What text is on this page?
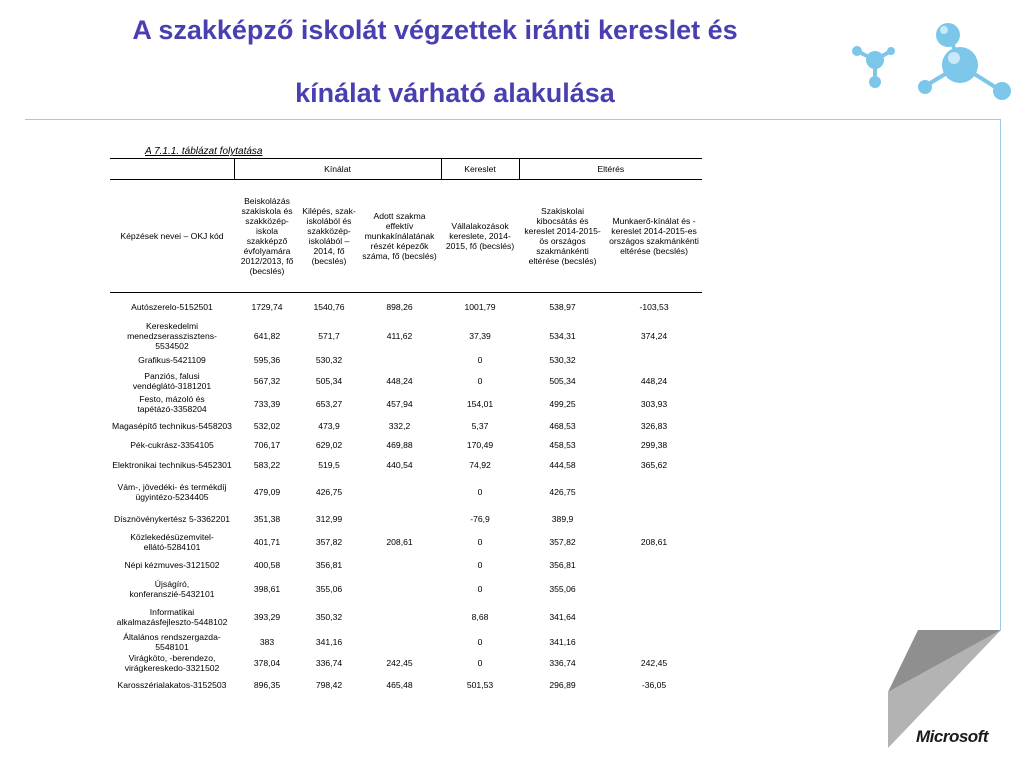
A szakképző iskolát végzettek iránti kereslet és
kínálat várható alakulása
Microsoft
A 7.1.1. táblázat folytatása
	Kínálat			Kereslet	Eltérés	
Képzések nevei – OKJ kód	Beiskolázás szakiskola és szakközép-iskola szakképző évfolyamára 2012/2013, fő (becslés)	Kilépés, szak-iskolából és szakközép-iskolából – 2014, fő (becslés)	Adott szakma effektív munkakínálatának részét képezők száma, fő (becslés)	Vállalakozások kereslete, 2014-2015, fő (becslés)	Szakiskolai kibocsátás és kereslet 2014-2015-ös országos szakmánkénti eltérése (becslés)	Munkaerő-kínálat és -kereslet 2014-2015-es országos szakmánkénti eltérése (becslés)
Autószerelo-5152501	1729,74	1540,76	898,26	1001,79	538,97	-103,53
Kereskedelmi menedzserasszisztens-5534502	641,82	571,7	411,62	37,39	534,31	374,24
Grafikus-5421109	595,36	530,32		0	530,32	
Panziós, falusi vendéglátó-3181201	567,32	505,34	448,24	0	505,34	448,24
Festo, mázoló és tapétázó-3358204	733,39	653,27	457,94	154,01	499,25	303,93
Magasépítő technikus-5458203	532,02	473,9	332,2	5,37	468,53	326,83
Pék-cukrász-3354105	706,17	629,02	469,88	170,49	458,53	299,38
Elektronikai technikus-5452301	583,22	519,5	440,54	74,92	444,58	365,62
Vám-, jövedéki- és termékdíj ügyintézo-5234405	479,09	426,75		0	426,75	
Dísznövénykertész 5-3362201	351,38	312,99		-76,9	389,9	
Közlekedésüzemvitel-ellátó-5284101	401,71	357,82	208,61	0	357,82	208,61
Népi kézmuves-3121502	400,58	356,81		0	356,81	
Újságíró, konferanszié-5432101	398,61	355,06		0	355,06	
Informatikai alkalmazásfejleszto-5448102	393,29	350,32		8,68	341,64	
Általános rendszergazda-5548101	383	341,16		0	341,16	
Virágköto, -berendezo, virágkereskedo-3321502	378,04	336,74	242,45	0	336,74	242,45
Karosszérialakatos-3152503	896,35	798,42	465,48	501,53	296,89	-36,05
